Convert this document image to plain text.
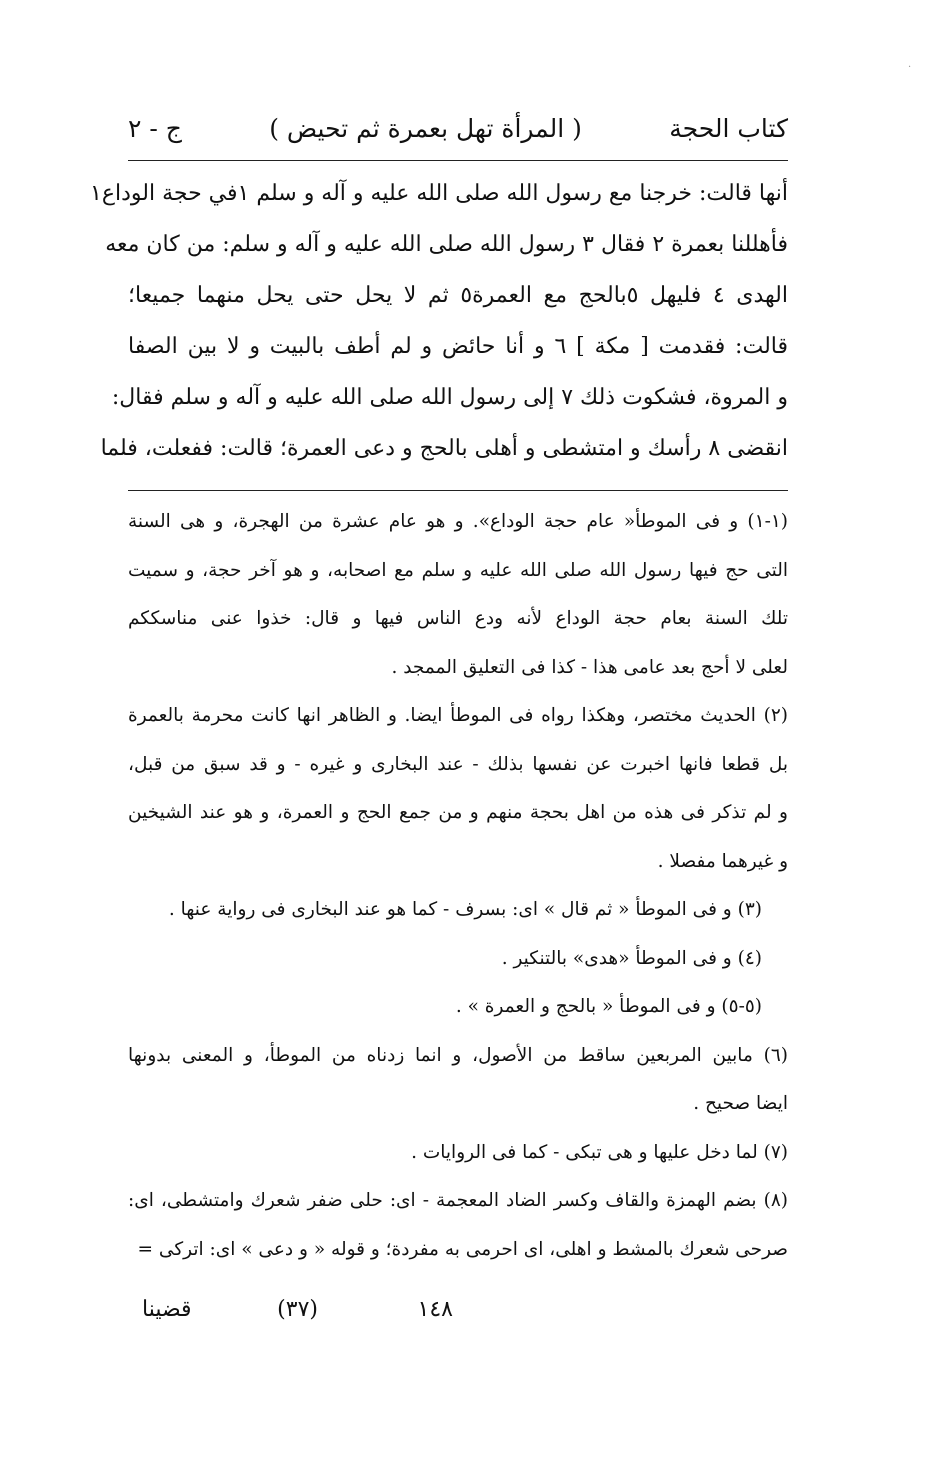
·
كتاب الحجة
( المرأة تهل بعمرة ثم تحيض )
ج - ٢
أنها قالت: خرجنا مع رسول الله صلى الله عليه و آله و سلم ١في حجة الوداع١
فأهللنا بعمرة ٢ فقال ٣ رسول الله صلى الله عليه و آله و سلم: من كان معه
الهدى ٤ فليهل ٥بالحج مع العمرة٥ ثم لا يحل حتى يحل منهما جميعا؛
قالت: فقدمت [ مكة ] ٦ و أنا حائض و لم أطف بالبيت و لا بين الصفا
و المروة، فشكوت ذلك ٧ إلى رسول الله صلى الله عليه و آله و سلم فقال:
انقضى ٨ رأسك و امتشطى و أهلى بالحج و دعى العمرة؛ قالت: ففعلت، فلما
(١-١) و فى الموطأ« عام حجة الوداع». و هو عام عشرة من الهجرة، و هى السنة
التى حج فيها رسول الله صلى الله عليه و سلم مع اصحابه، و هو آخر حجة، و سميت
تلك السنة بعام حجة الوداع لأنه ودع الناس فيها و قال: خذوا عنى مناسككم
لعلى لا أحج بعد عامى هذا - كذا فى التعليق الممجد .
(٢) الحديث مختصر، وهكذا رواه فى الموطأ ايضا. و الظاهر انها كانت محرمة بالعمرة
بل قطعا فانها اخبرت عن نفسها بذلك - عند البخارى و غيره - و قد سبق من قبل،
و لم تذكر فى هذه من اهل بحجة منهم و من جمع الحج و العمرة، و هو عند الشيخين
و غيرهما مفصلا .
(٣) و فى الموطأ « ثم قال » اى: بسرف - كما هو عند البخارى فى رواية عنها .
(٤) و فى الموطأ «هدى» بالتنكير .
(٥-٥) و فى الموطأ « بالحج و العمرة » .
(٦) مابين المربعين ساقط من الأصول، و انما زدناه من الموطأ، و المعنى بدونها
ايضا صحيح .
(٧) لما دخل عليها و هى تبكى - كما فى الروايات .
(٨) بضم الهمزة والقاف وكسر الضاد المعجمة - اى: حلى ضفر شعرك وامتشطى، اى:
صرحى شعرك بالمشط و اهلى، اى احرمى به مفردة؛ و قوله « و دعى » اى: اتركى =
١٤٨
(٣٧)
قضينا
